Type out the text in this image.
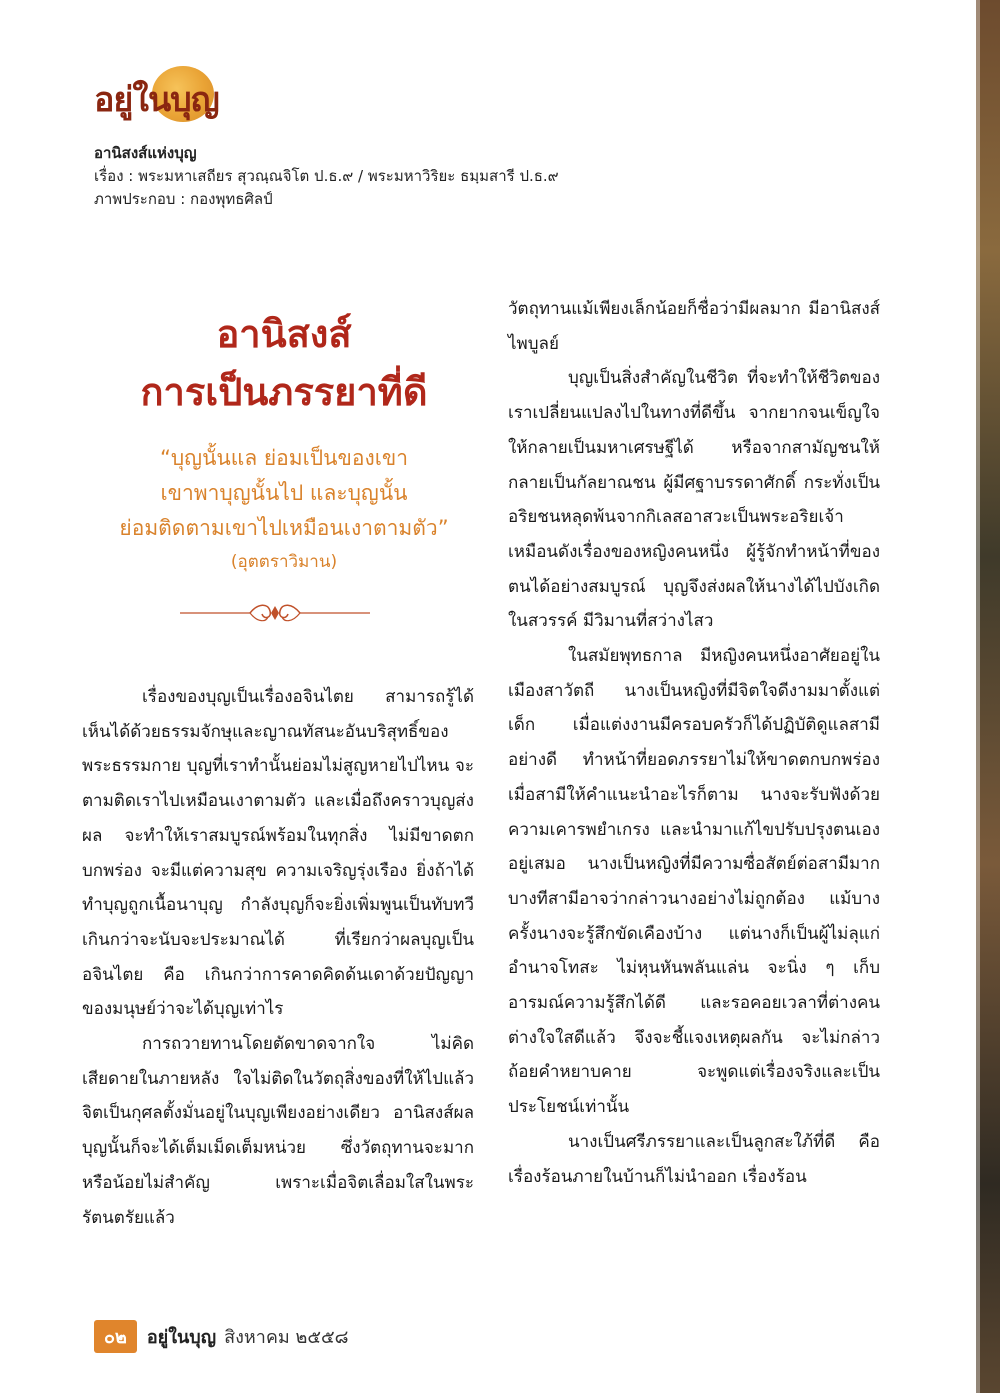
อยู่ในบุญ
อานิสงส์แห่งบุญ
เรื่อง : พระมหาเสถียร สุวณฺณจิโต ป.ธ.๙ / พระมหาวิริยะ ธมฺมสารี ป.ธ.๙
ภาพประกอบ : กองพุทธศิลป์
อานิสงส์
การเป็นภรรยาที่ดี
“บุญนั้นแล ย่อมเป็นของเขา
เขาพาบุญนั้นไป และบุญนั้น
ย่อมติดตามเขาไปเหมือนเงาตามตัว”
(อุตตราวิมาน)

เรื่องของบุญเป็นเรื่องอจินไตย สามารถรู้ได้เห็นได้ด้วยธรรมจักษุและญาณทัสนะอันบริสุทธิ์ของพระธรรมกาย บุญที่เราทำนั้นย่อมไม่สูญหายไปไหน จะตามติดเราไปเหมือนเงาตามตัว และเมื่อถึงคราวบุญส่งผล จะทำให้เราสมบูรณ์พร้อมในทุกสิ่ง ไม่มีขาดตกบกพร่อง จะมีแต่ความสุข ความเจริญรุ่งเรือง ยิ่งถ้าได้ทำบุญถูกเนื้อนาบุญ กำลังบุญก็จะยิ่งเพิ่มพูนเป็นทับทวี เกินกว่าจะนับจะประมาณได้ ที่เรียกว่าผลบุญเป็นอจินไตย คือ เกินกว่าการคาดคิดด้นเดาด้วยปัญญาของมนุษย์ว่าจะได้บุญเท่าไร

การถวายทานโดยตัดขาดจากใจ ไม่คิดเสียดายในภายหลัง ใจไม่ติดในวัตถุสิ่งของที่ให้ไปแล้ว จิตเป็นกุศลตั้งมั่นอยู่ในบุญเพียงอย่างเดียว อานิสงส์ผลบุญนั้นก็จะได้เต็มเม็ดเต็มหน่วย ซึ่งวัตถุทานจะมากหรือน้อยไม่สำคัญ เพราะเมื่อจิตเลื่อมใสในพระรัตนตรัยแล้ว

วัตถุทานแม้เพียงเล็กน้อยก็ชื่อว่ามีผลมาก มีอานิสงส์ไพบูลย์

บุญเป็นสิ่งสำคัญในชีวิต ที่จะทำให้ชีวิตของเราเปลี่ยนแปลงไปในทางที่ดีขึ้น จากยากจนเข็ญใจให้กลายเป็นมหาเศรษฐีได้ หรือจากสามัญชนให้กลายเป็นกัลยาณชน ผู้มีศฐาบรรดาศักดิ์ กระทั่งเป็นอริยชนหลุดพ้นจากกิเลสอาสวะเป็นพระอริยเจ้า เหมือนดังเรื่องของหญิงคนหนึ่ง ผู้รู้จักทำหน้าที่ของตนได้อย่างสมบูรณ์ บุญจึงส่งผลให้นางได้ไปบังเกิดในสวรรค์ มีวิมานที่สว่างไสว

ในสมัยพุทธกาล มีหญิงคนหนึ่งอาศัยอยู่ในเมืองสาวัตถี นางเป็นหญิงที่มีจิตใจดีงามมาตั้งแต่เด็ก เมื่อแต่งงานมีครอบครัวก็ได้ปฏิบัติดูแลสามีอย่างดี ทำหน้าที่ยอดภรรยาไม่ให้ขาดตกบกพร่อง เมื่อสามีให้คำแนะนำอะไรก็ตาม นางจะรับฟังด้วยความเคารพยำเกรง และนำมาแก้ไขปรับปรุงตนเองอยู่เสมอ นางเป็นหญิงที่มีความซื่อสัตย์ต่อสามีมาก บางทีสามีอาจว่ากล่าวนางอย่างไม่ถูกต้อง แม้บางครั้งนางจะรู้สึกขัดเคืองบ้าง แต่นางก็เป็นผู้ไม่ลุแก่อำนาจโทสะ ไม่หุนหันพลันแล่น จะนิ่ง ๆ เก็บอารมณ์ความรู้สึกได้ดี และรอคอยเวลาที่ต่างคนต่างใจใสดีแล้ว จึงจะชี้แจงเหตุผลกัน จะไม่กล่าวถ้อยคำหยาบคาย จะพูดแต่เรื่องจริงและเป็นประโยชน์เท่านั้น

นางเป็นศรีภรรยาและเป็นลูกสะใภ้ที่ดี คือ เรื่องร้อนภายในบ้านก็ไม่นำออก เรื่องร้อน

๐๒	อยู่ในบุญ สิงหาคม ๒๕๕๘
